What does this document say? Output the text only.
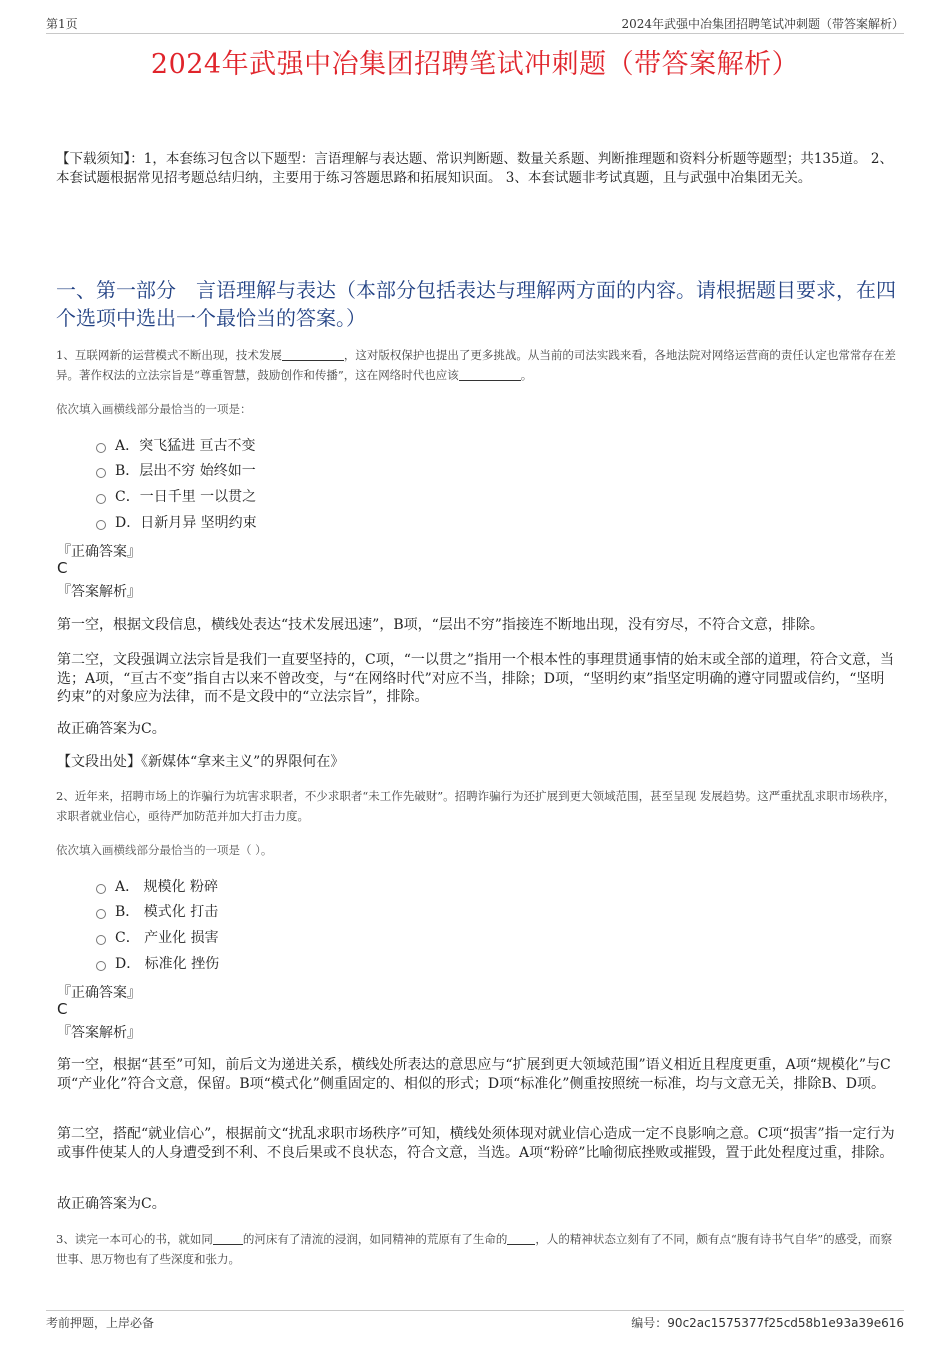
第1页	2024年武强中冶集团招聘笔试冲刺题（带答案解析）
2024年武强中冶集团招聘笔试冲刺题（带答案解析）
【下载须知】：1，本套练习包含以下题型：言语理解与表达题、常识判断题、数量关系题、判断推理题和资料分析题等题型；共135道。 2、本套试题根据常见招考题总结归纳，主要用于练习答题思路和拓展知识面。 3、本套试题非考试真题，且与武强中冶集团无关。
一、第一部分　言语理解与表达（本部分包括表达与理解两方面的内容。请根据题目要求，在四个选项中选出一个最恰当的答案。）
1、互联网新的运营模式不断出现，技术发展	，这对版权保护也提出了更多挑战。从当前的司法实践来看，各地法院对网络运营商的责任认定也常常存在差异。著作权法的立法宗旨是“尊重智慧，鼓励创作和传播”，这在网络时代也应该	。
依次填入画横线部分最恰当的一项是：
A．突飞猛进 亘古不变
B．层出不穷 始终如一
C．一日千里 一以贯之
D．日新月异 坚明约束
『正确答案』
C
『答案解析』
第一空，根据文段信息，横线处表达“技术发展迅速”，B项，“层出不穷”指接连不断地出现，没有穷尽，不符合文意，排除。
第二空，文段强调立法宗旨是我们一直要坚持的，C项，“一以贯之”指用一个根本性的事理贯通事情的始末或全部的道理，符合文意，当选；A项，“亘古不变”指自古以来不曾改变，与“在网络时代”对应不当，排除；D项，“坚明约束”指坚定明确的遵守同盟或信约，“坚明约束”的对象应为法律，而不是文段中的“立法宗旨”，排除。
故正确答案为C。
【文段出处】《新媒体“拿来主义”的界限何在》
2、近年来，招聘市场上的诈骗行为坑害求职者，不少求职者“未工作先破财”。招聘诈骗行为还扩展到更大领域范围，甚至呈现 发展趋势。这严重扰乱求职市场秩序， 求职者就业信心，亟待严加防范并加大打击力度。
依次填入画横线部分最恰当的一项是（ ）。
A． 规模化 粉碎
B． 模式化 打击
C． 产业化 损害
D． 标准化 挫伤
『正确答案』
C
『答案解析』
第一空，根据“甚至”可知，前后文为递进关系，横线处所表达的意思应与“扩展到更大领域范围”语义相近且程度更重，A项“规模化”与C项“产业化”符合文意，保留。B项“模式化”侧重固定的、相似的形式；D项“标准化”侧重按照统一标准，均与文意无关，排除B、D项。
第二空，搭配“就业信心”，根据前文“扰乱求职市场秩序”可知，横线处须体现对就业信心造成一定不良影响之意。C项“损害”指一定行为或事件使某人的人身遭受到不利、不良后果或不良状态，符合文意，当选。A项“粉碎”比喻彻底挫败或摧毁，置于此处程度过重，排除。
故正确答案为C。
3、读完一本可心的书，就如同	的河床有了清流的浸润，如同精神的荒原有了生命的 ，人的精神状态立刻有了不同，颇有点“腹有诗书气自华”的感受，而察世事、思万物也有了些深度和张力。
考前押题，上岸必备	编号：90c2ac1575377f25cd58b1e93a39e616
